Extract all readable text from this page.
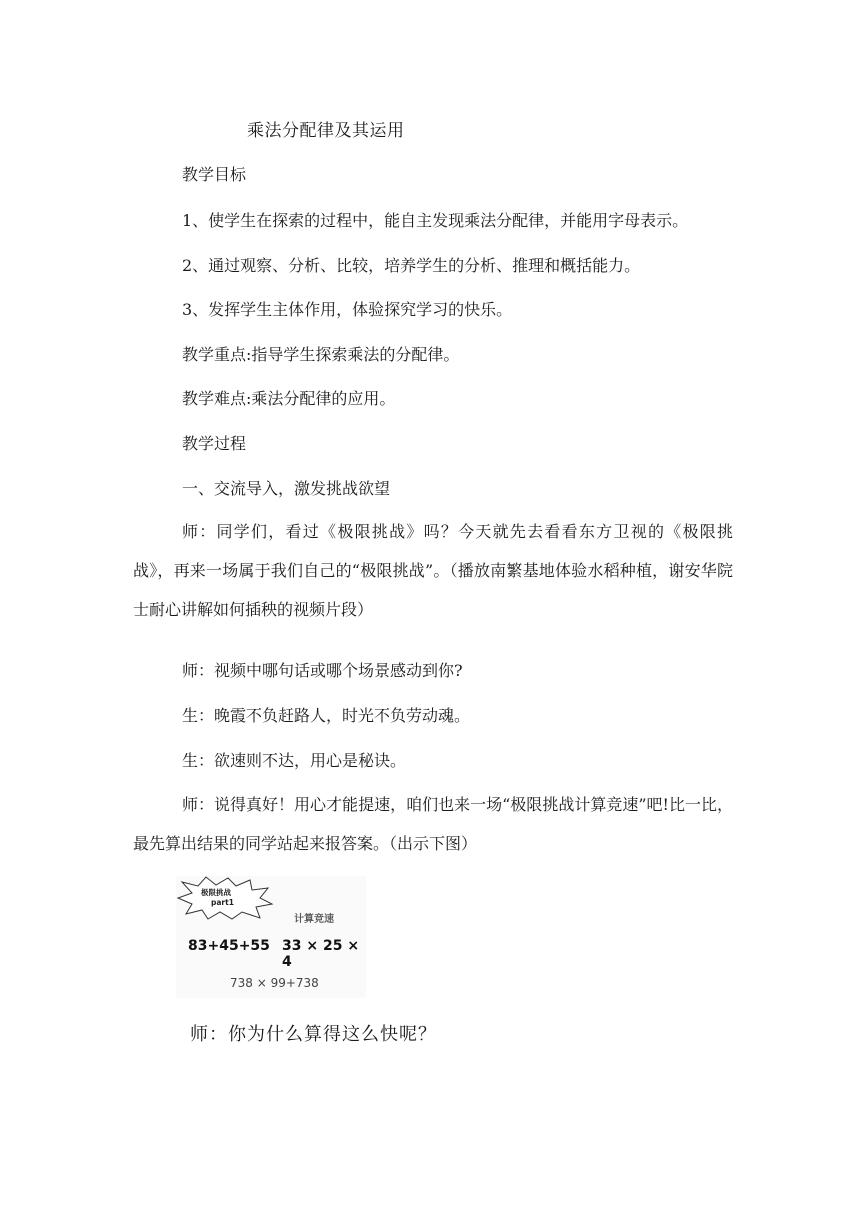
乘法分配律及其运用
教学目标
1、使学生在探索的过程中，能自主发现乘法分配律，并能用字母表示。
2、通过观察、分析、比较，培养学生的分析、推理和概括能力。
3、发挥学生主体作用，体验探究学习的快乐。
教学重点:指导学生探索乘法的分配律。
教学难点:乘法分配律的应用。
教学过程
一、交流导入，激发挑战欲望
师：同学们，看过《极限挑战》吗？今天就先去看看东方卫视的《极限挑战》，再来一场属于我们自己的“极限挑战”。（播放南繁基地体验水稻种植，谢安华院士耐心讲解如何插秧的视频片段）
师：视频中哪句话或哪个场景感动到你?
生：晚霞不负赶路人，时光不负劳动魂。
生：欲速则不达，用心是秘诀。
师：说得真好！用心才能提速，咱们也来一场“极限挑战计算竞速”吧!比一比，最先算出结果的同学站起来报答案。（出示下图）
极限挑战
part1
计算竞速
83+45+55 33 × 25 × 4
738 × 99+738
师：你为什么算得这么快呢？
